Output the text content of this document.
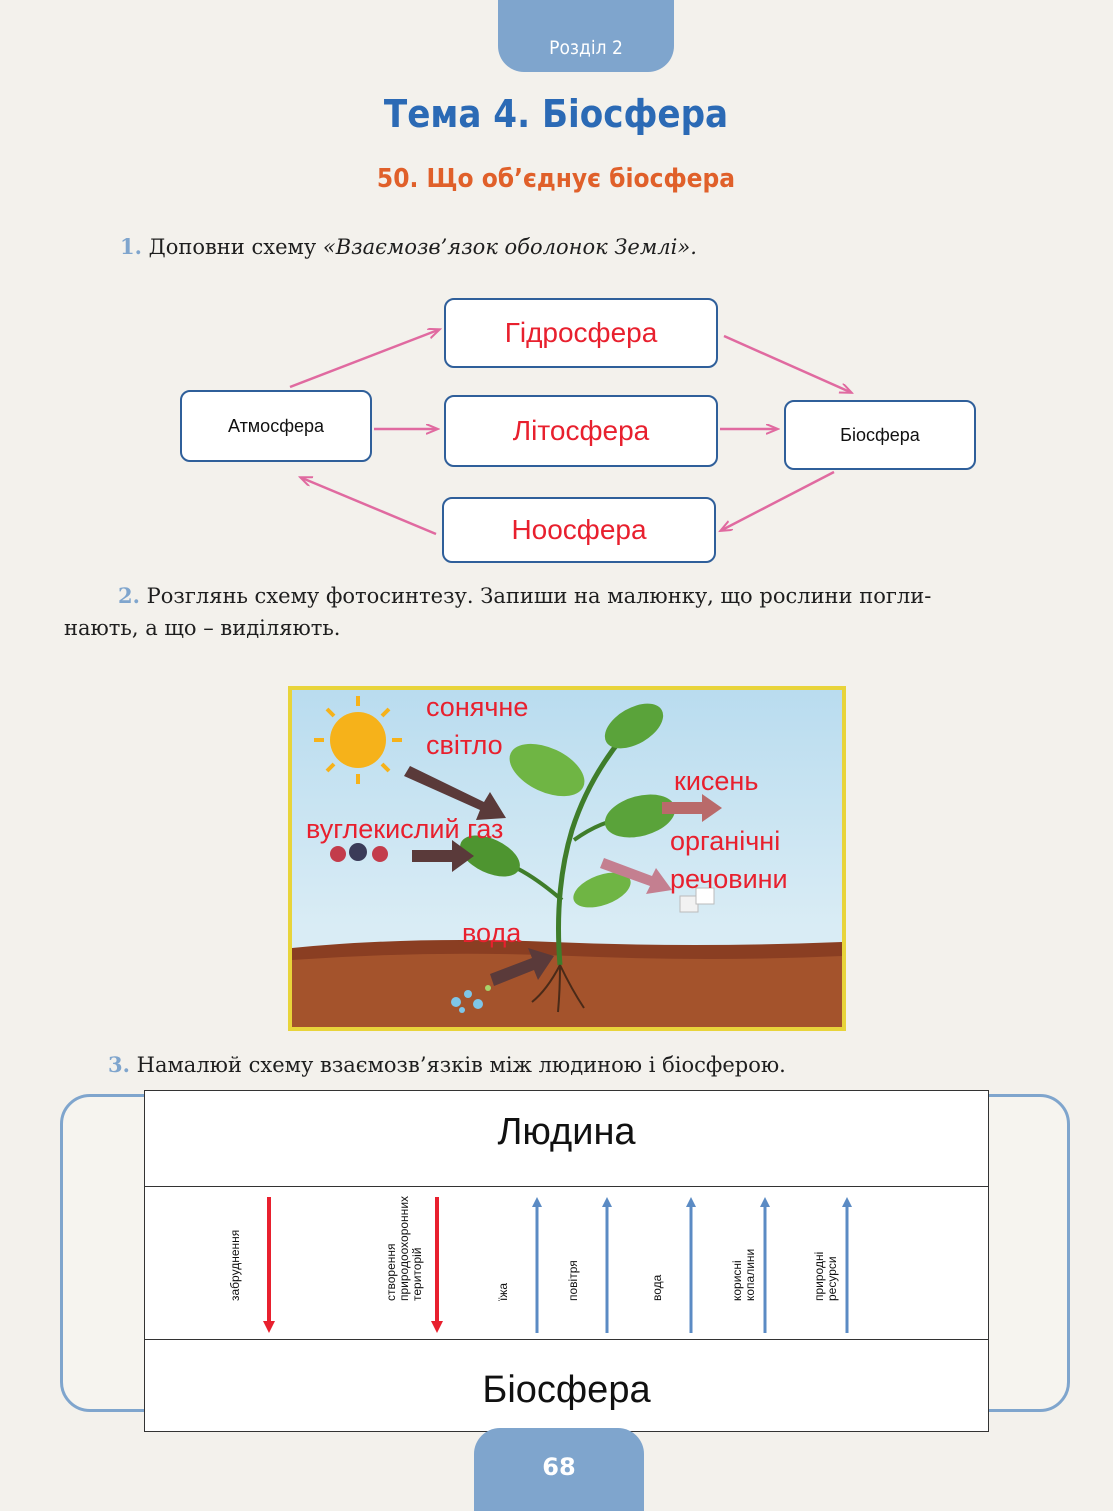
Розділ 2
Тема 4. Біосфера
50. Що об’єднує біосфера
1. Доповни схему «Взаємозв’язок оболонок Землі».
Атмосфера
Гідросфера
Літосфера	Біосфера
Ноосфера
2. Розглянь схему фотосинтезу. Запиши на малюнку, що рослини погли-
нають, а що – виділяють.
сонячне світло
вуглекислий газ
вода
кисень
органічні речовини
3. Намалюй схему взаємозв’язків між людиною і біосферою.
Людина
Біосфера
забруднення	створення природоохоронних територій	їжа	повітря	вода	корисні копалини	природні ресурси
68
